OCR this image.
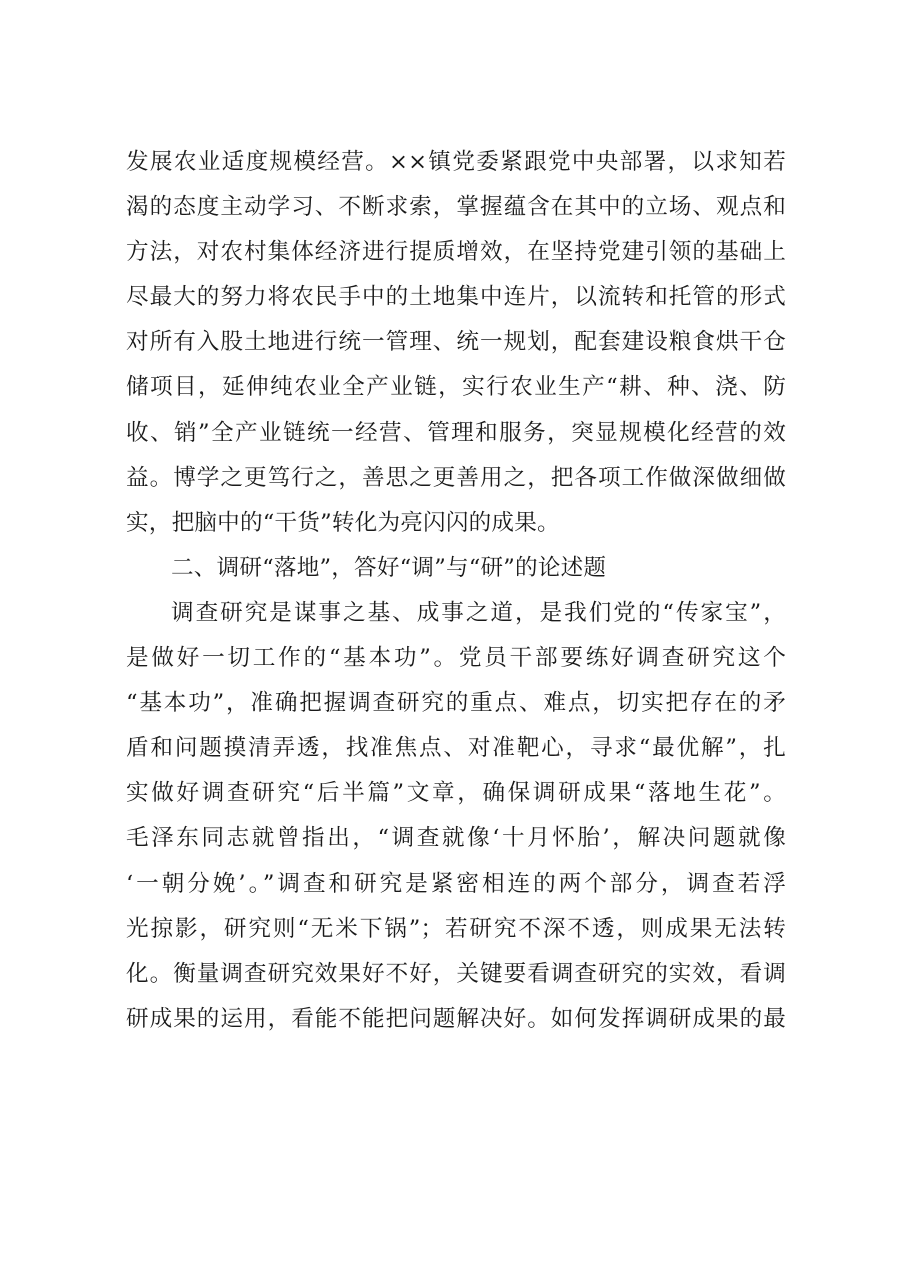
发展农业适度规模经营。××镇党委紧跟党中央部署，以求知若
渴的态度主动学习、不断求索，掌握蕴含在其中的立场、观点和
方法，对农村集体经济进行提质增效，在坚持党建引领的基础上
尽最大的努力将农民手中的土地集中连片，以流转和托管的形式
对所有入股土地进行统一管理、统一规划，配套建设粮食烘干仓
储项目，延伸纯农业全产业链，实行农业生产“耕、种、浇、防
收、销”全产业链统一经营、管理和服务，突显规模化经营的效
益。博学之更笃行之，善思之更善用之，把各项工作做深做细做
实，把脑中的“干货”转化为亮闪闪的成果。
二、调研“落地”，答好“调”与“研”的论述题
调查研究是谋事之基、成事之道，是我们党的“传家宝”，
是做好一切工作的“基本功”。党员干部要练好调查研究这个
“基本功”，准确把握调查研究的重点、难点，切实把存在的矛
盾和问题摸清弄透，找准焦点、对准靶心，寻求“最优解”，扎
实做好调查研究“后半篇”文章，确保调研成果“落地生花”。
毛泽东同志就曾指出，“调查就像‘十月怀胎’，解决问题就像
‘一朝分娩’。”调查和研究是紧密相连的两个部分，调查若浮
光掠影，研究则“无米下锅”；若研究不深不透，则成果无法转
化。衡量调查研究效果好不好，关键要看调查研究的实效，看调
研成果的运用，看能不能把问题解决好。如何发挥调研成果的最
